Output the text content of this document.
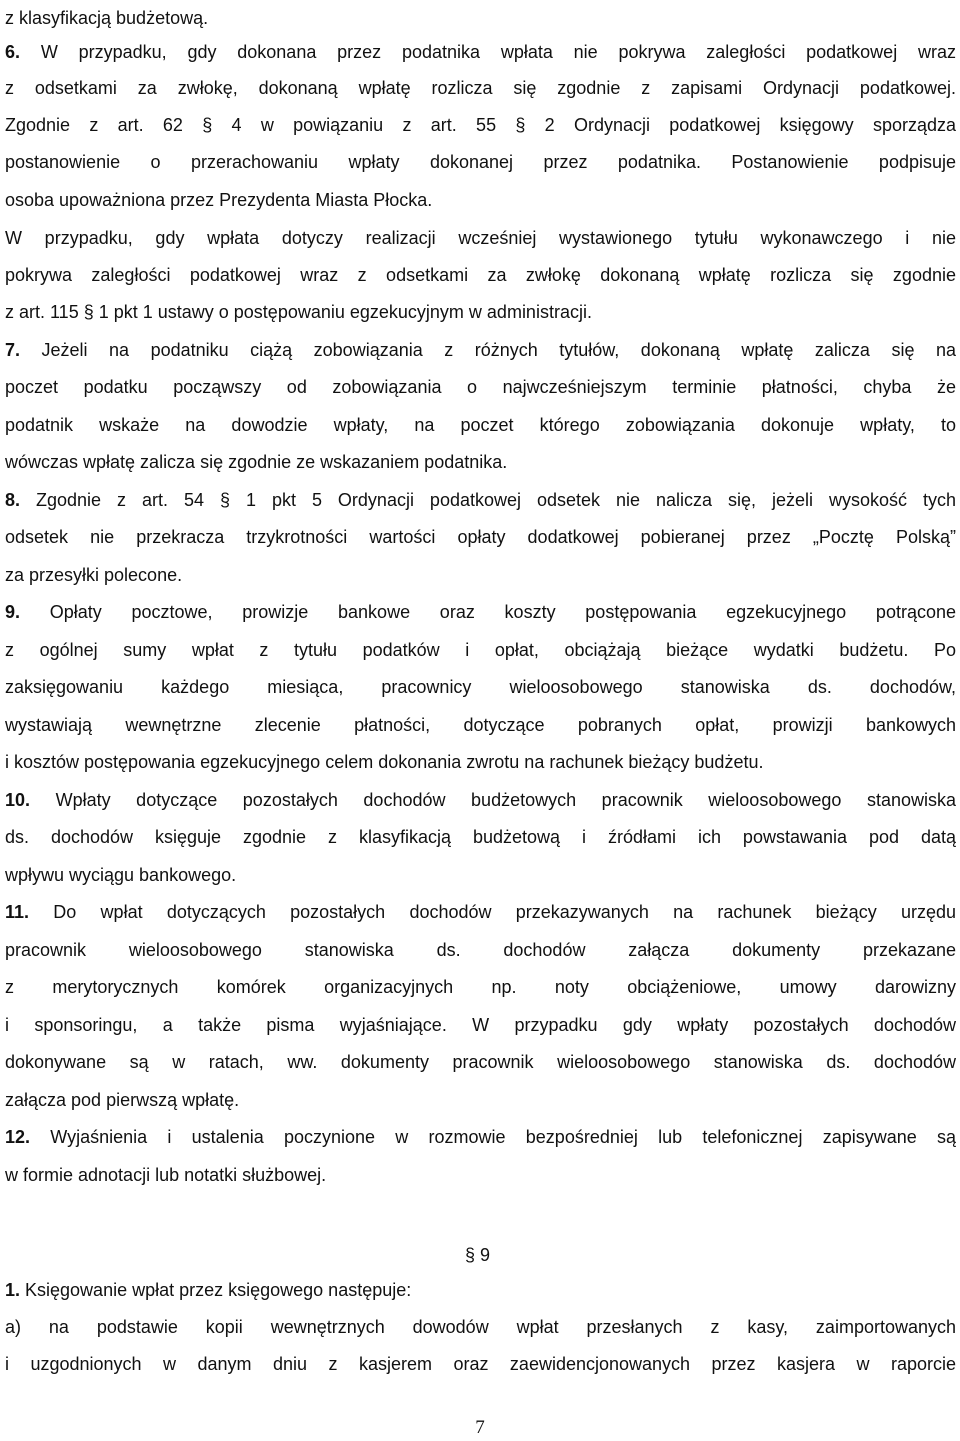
z klasyfikacją budżetową.
6. W przypadku, gdy dokonana przez podatnika wpłata nie pokrywa zaległości podatkowej wraz
z odsetkami za zwłokę, dokonaną wpłatę rozlicza się zgodnie z zapisami Ordynacji podatkowej.
Zgodnie z art. 62 § 4 w powiązaniu z art. 55 § 2 Ordynacji podatkowej księgowy sporządza
postanowienie o przerachowaniu wpłaty dokonanej przez podatnika. Postanowienie podpisuje
osoba upoważniona przez Prezydenta Miasta Płocka.
W przypadku, gdy wpłata dotyczy realizacji wcześniej wystawionego tytułu wykonawczego i nie
pokrywa zaległości podatkowej wraz z odsetkami za zwłokę dokonaną wpłatę rozlicza się zgodnie
z art. 115 § 1 pkt 1 ustawy o postępowaniu egzekucyjnym w administracji.
7. Jeżeli na podatniku ciążą zobowiązania z różnych tytułów, dokonaną wpłatę zalicza się na
poczet podatku począwszy od zobowiązania o najwcześniejszym terminie płatności, chyba że
podatnik wskaże na dowodzie wpłaty, na poczet którego zobowiązania dokonuje wpłaty, to
wówczas wpłatę zalicza się zgodnie ze wskazaniem podatnika.
8. Zgodnie z art. 54 § 1 pkt 5 Ordynacji podatkowej odsetek nie nalicza się, jeżeli wysokość tych
odsetek nie przekracza trzykrotności wartości opłaty dodatkowej pobieranej przez „Pocztę Polską”
za przesyłki polecone.
9. Opłaty pocztowe, prowizje bankowe oraz koszty postępowania egzekucyjnego potrącone
z ogólnej sumy wpłat z tytułu podatków i opłat, obciążają bieżące wydatki budżetu. Po
zaksięgowaniu każdego miesiąca, pracownicy wieloosobowego stanowiska ds. dochodów,
wystawiają wewnętrzne zlecenie płatności, dotyczące pobranych opłat, prowizji bankowych
i kosztów postępowania egzekucyjnego celem dokonania zwrotu na rachunek bieżący budżetu.
10. Wpłaty dotyczące pozostałych dochodów budżetowych pracownik wieloosobowego stanowiska
ds. dochodów księguje zgodnie z klasyfikacją budżetową i źródłami ich powstawania pod datą
wpływu wyciągu bankowego.
11. Do wpłat dotyczących pozostałych dochodów przekazywanych na rachunek bieżący urzędu
pracownik wieloosobowego stanowiska ds. dochodów załącza dokumenty przekazane
z merytorycznych komórek organizacyjnych np. noty obciążeniowe, umowy darowizny
i sponsoringu, a także pisma wyjaśniające. W przypadku gdy wpłaty pozostałych dochodów
dokonywane są w ratach, ww. dokumenty pracownik wieloosobowego stanowiska ds. dochodów
załącza pod pierwszą wpłatę.
12. Wyjaśnienia i ustalenia poczynione w rozmowie bezpośredniej lub telefonicznej zapisywane są
w formie adnotacji lub notatki służbowej.
§ 9
1. Księgowanie wpłat przez księgowego następuje:
a) na podstawie kopii wewnętrznych dowodów wpłat przesłanych z kasy, zaimportowanych
i uzgodnionych w danym dniu z kasjerem oraz zaewidencjonowanych przez kasjera w raporcie
7
